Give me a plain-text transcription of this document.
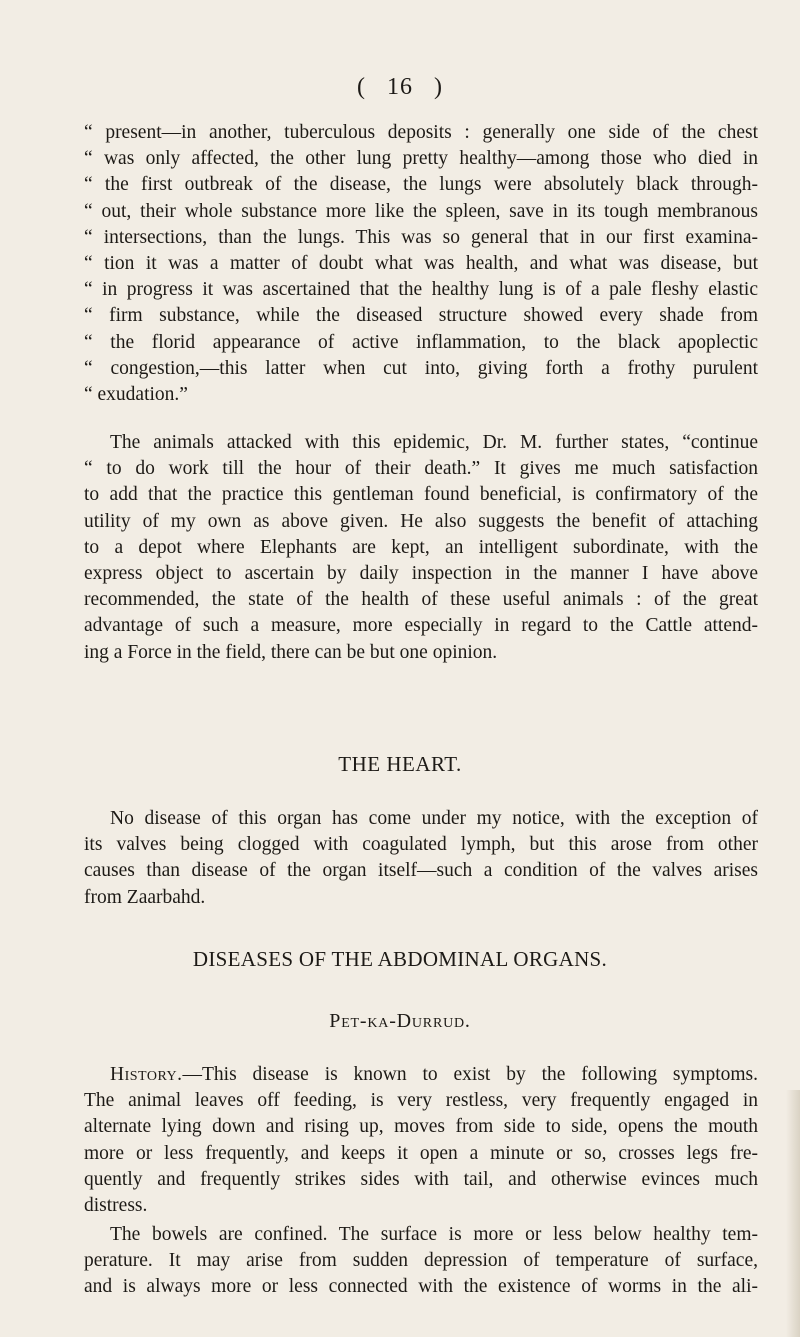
( 16 )
“ present—in another, tuberculous deposits : generally one side of the chest
“ was only affected, the other lung pretty healthy—among those who died in
“ the first outbreak of the disease, the lungs were absolutely black through-
“ out, their whole substance more like the spleen, save in its tough membranous
“ intersections, than the lungs. This was so general that in our first examina-
“ tion it was a matter of doubt what was health, and what was disease, but
“ in progress it was ascertained that the healthy lung is of a pale fleshy elastic
“ firm substance, while the diseased structure showed every shade from
“ the florid appearance of active inflammation, to the black apoplectic
“ congestion,—this latter when cut into, giving forth a frothy purulent
“ exudation.”
The animals attacked with this epidemic, Dr. M. further states, “continue
“ to do work till the hour of their death.” It gives me much satisfaction
to add that the practice this gentleman found beneficial, is confirmatory of the
utility of my own as above given. He also suggests the benefit of attaching
to a depot where Elephants are kept, an intelligent subordinate, with the
express object to ascertain by daily inspection in the manner I have above
recommended, the state of the health of these useful animals : of the great
advantage of such a measure, more especially in regard to the Cattle attend-
ing a Force in the field, there can be but one opinion.
THE HEART.
No disease of this organ has come under my notice, with the exception of
its valves being clogged with coagulated lymph, but this arose from other
causes than disease of the organ itself—such a condition of the valves arises
from Zaarbahd.
DISEASES OF THE ABDOMINAL ORGANS.
Pet-ka-Durrud.
History.—This disease is known to exist by the following symptoms.
The animal leaves off feeding, is very restless, very frequently engaged in
alternate lying down and rising up, moves from side to side, opens the mouth
more or less frequently, and keeps it open a minute or so, crosses legs fre-
quently and frequently strikes sides with tail, and otherwise evinces much
distress.
The bowels are confined. The surface is more or less below healthy tem-
perature. It may arise from sudden depression of temperature of surface,
and is always more or less connected with the existence of worms in the ali-
